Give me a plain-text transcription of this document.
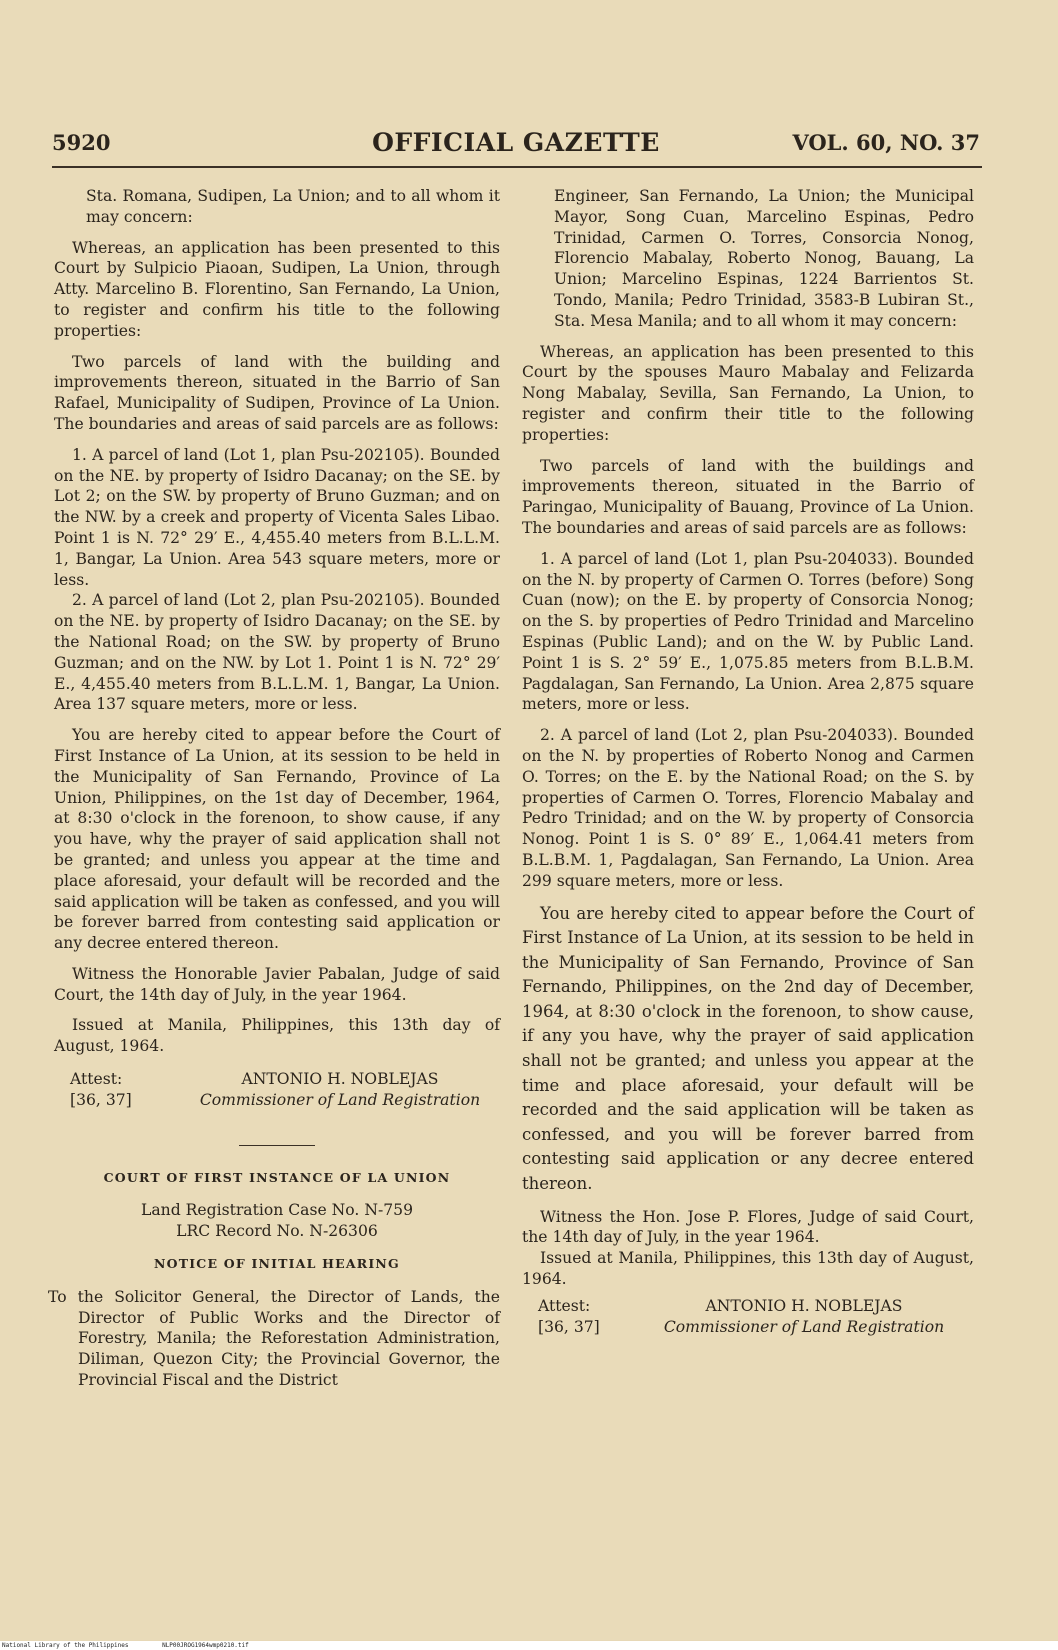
5920	OFFICIAL GAZETTE	VOL. 60, NO. 37

Sta. Romana, Sudipen, La Union; and to all whom it may concern:

Whereas, an application has been presented to this Court by Sulpicio Piaoan, Sudipen, La Union, through Atty. Marcelino B. Florentino, San Fernando, La Union, to register and confirm his title to the following properties:

Two parcels of land with the building and improvements thereon, situated in the Barrio of San Rafael, Municipality of Sudipen, Province of La Union. The boundaries and areas of said parcels are as follows:

1. A parcel of land (Lot 1, plan Psu-202105). Bounded on the NE. by property of Isidro Dacanay; on the SE. by Lot 2; on the SW. by property of Bruno Guzman; and on the NW. by a creek and property of Vicenta Sales Libao. Point 1 is N. 72° 29′ E., 4,455.40 meters from B.L.L.M. 1, Bangar, La Union. Area 543 square meters, more or less.

2. A parcel of land (Lot 2, plan Psu-202105). Bounded on the NE. by property of Isidro Dacanay; on the SE. by the National Road; on the SW. by property of Bruno Guzman; and on the NW. by Lot 1. Point 1 is N. 72° 29′ E., 4,455.40 meters from B.L.L.M. 1, Bangar, La Union. Area 137 square meters, more or less.

You are hereby cited to appear before the Court of First Instance of La Union, at its session to be held in the Municipality of San Fernando, Province of La Union, Philippines, on the 1st day of December, 1964, at 8:30 o'clock in the forenoon, to show cause, if any you have, why the prayer of said application shall not be granted; and unless you appear at the time and place aforesaid, your default will be recorded and the said application will be taken as confessed, and you will be forever barred from contesting said application or any decree entered thereon.

Witness the Honorable Javier Pabalan, Judge of said Court, the 14th day of July, in the year 1964.

Issued at Manila, Philippines, this 13th day of August, 1964.

Attest:
[36, 37]
ANTONIO H. NOBLEJAS
Commissioner of Land Registration
COURT OF FIRST INSTANCE OF LA UNION
Land Registration Case No. N-759
LRC Record No. N-26306
NOTICE OF INITIAL HEARING

To the Solicitor General, the Director of Lands, the Director of Public Works and the Director of Forestry, Manila; the Reforestation Administration, Diliman, Quezon City; the Provincial Governor, the Provincial Fiscal and the District

Engineer, San Fernando, La Union; the Municipal Mayor, Song Cuan, Marcelino Espinas, Pedro Trinidad, Carmen O. Torres, Consorcia Nonog, Florencio Mabalay, Roberto Nonog, Bauang, La Union; Marcelino Espinas, 1224 Barrientos St. Tondo, Manila; Pedro Trinidad, 3583-B Lubiran St., Sta. Mesa Manila; and to all whom it may concern:

Whereas, an application has been presented to this Court by the spouses Mauro Mabalay and Felizarda Nong Mabalay, Sevilla, San Fernando, La Union, to register and confirm their title to the following properties:

Two parcels of land with the buildings and improvements thereon, situated in the Barrio of Paringao, Municipality of Bauang, Province of La Union. The boundaries and areas of said parcels are as follows:

1. A parcel of land (Lot 1, plan Psu-204033). Bounded on the N. by property of Carmen O. Torres (before) Song Cuan (now); on the E. by property of Consorcia Nonog; on the S. by properties of Pedro Trinidad and Marcelino Espinas (Public Land); and on the W. by Public Land. Point 1 is S. 2° 59′ E., 1,075.85 meters from B.L.B.M. Pagdalagan, San Fernando, La Union. Area 2,875 square meters, more or less.

2. A parcel of land (Lot 2, plan Psu-204033). Bounded on the N. by properties of Roberto Nonog and Carmen O. Torres; on the E. by the National Road; on the S. by properties of Carmen O. Torres, Florencio Mabalay and Pedro Trinidad; and on the W. by property of Consorcia Nonog. Point 1 is S. 0° 89′ E., 1,064.41 meters from B.L.B.M. 1, Pagdalagan, San Fernando, La Union. Area 299 square meters, more or less.

You are hereby cited to appear before the Court of First Instance of La Union, at its session to be held in the Municipality of San Fernando, Province of San Fernando, Philippines, on the 2nd day of December, 1964, at 8:30 o'clock in the forenoon, to show cause, if any you have, why the prayer of said application shall not be granted; and unless you appear at the time and place aforesaid, your default will be recorded and the said application will be taken as confessed, and you will be forever barred from contesting said application or any decree entered thereon.

Witness the Hon. Jose P. Flores, Judge of said Court, the 14th day of July, in the year 1964.

Issued at Manila, Philippines, this 13th day of August, 1964.

Attest:
[36, 37]
ANTONIO H. NOBLEJAS
Commissioner of Land Registration
National Library of the Philippines	NLP00JROG1964wmp0210.tif
